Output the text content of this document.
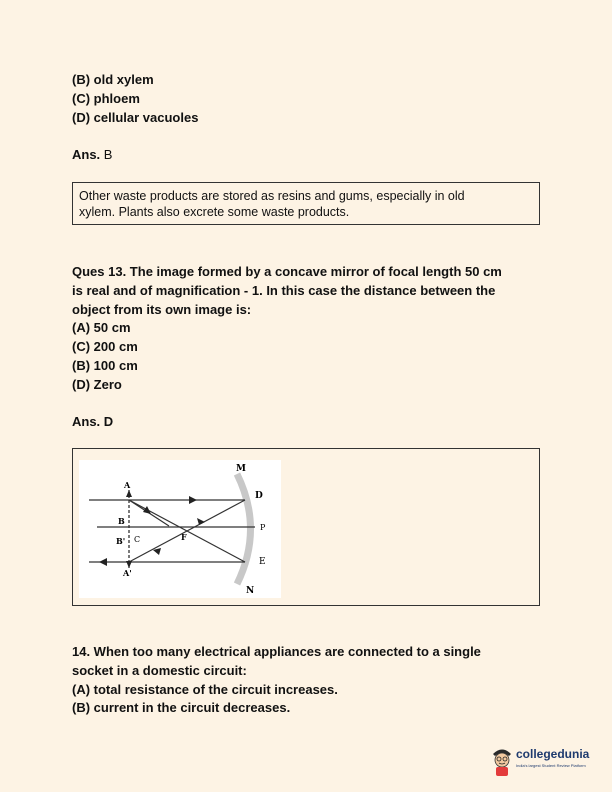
(B) old xylem
(C) phloem
(D) cellular vacuoles
Ans. B
Other waste products are stored as resins and gums, especially in old
xylem. Plants also excrete some waste products.
Ques 13. The image formed by a concave mirror of focal length 50 cm
is real and of magnification - 1. In this case the distance between the
object from its own image is:
(A) 50 cm
(C) 200 cm
(B) 100 cm
(D) Zero
Ans. D
M
N
D
P
E
A
B
B' C	F
A'
14. When too many electrical appliances are connected to a single
socket in a domestic circuit:
(A) total resistance of the circuit increases.
(B) current in the circuit decreases.
collegedunia
India's largest Student Review Platform
